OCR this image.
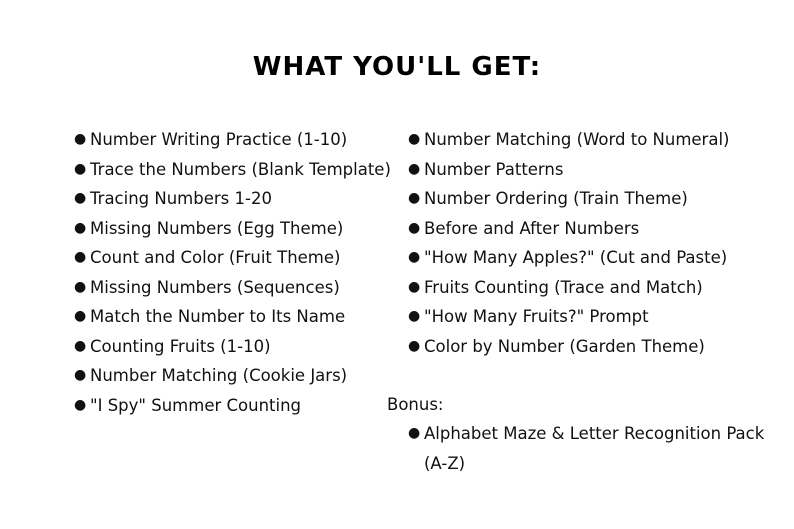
WHAT YOU'LL GET:
● Number Writing Practice (1-10)
● Trace the Numbers (Blank Template)
● Tracing Numbers 1-20
● Missing Numbers (Egg Theme)
● Count and Color (Fruit Theme)
● Missing Numbers (Sequences)
● Match the Number to Its Name
● Counting Fruits (1-10)
● Number Matching (Cookie Jars)
● "I Spy" Summer Counting
● Number Matching (Word to Numeral)
● Number Patterns
● Number Ordering (Train Theme)
● Before and After Numbers
● "How Many Apples?" (Cut and Paste)
● Fruits Counting (Trace and Match)
● "How Many Fruits?" Prompt
● Color by Number (Garden Theme)
Bonus:
● Alphabet Maze & Letter Recognition Pack (A-Z)
